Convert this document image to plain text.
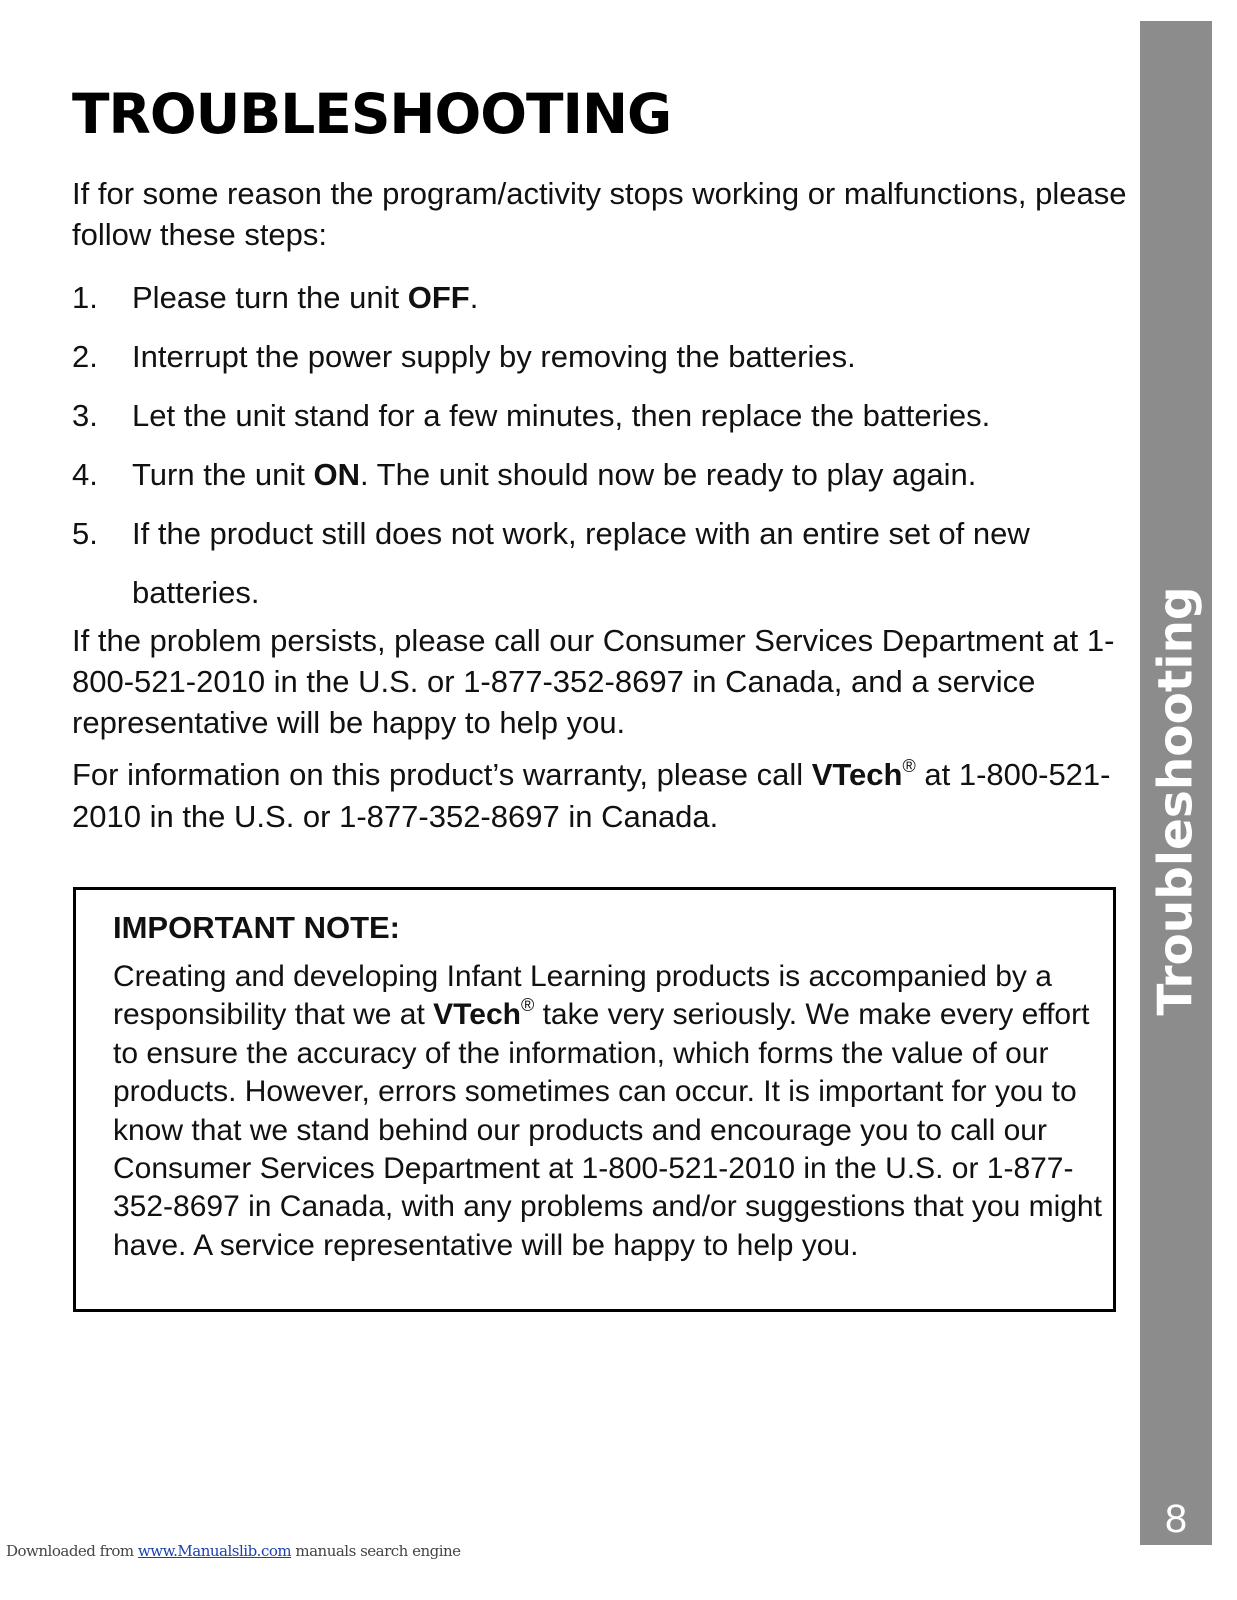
TROUBLESHOOTING

If for some reason the program/activity stops working or malfunctions, please follow these steps:

1.	Please turn the unit OFF.
2.	Interrupt the power supply by removing the batteries.
3.	Let the unit stand for a few minutes, then replace the batteries.
4.	Turn the unit ON. The unit should now be ready to play again.
5.	If the product still does not work, replace with an entire set of new
batteries.

If the problem persists, please call our Consumer Services Department at 1-800-521-2010 in the U.S. or 1-877-352-8697 in Canada, and a service representative will be happy to help you.

For information on this product’s warranty, please call VTech® at 1-800-521-2010 in the U.S. or 1-877-352-8697 in Canada.

IMPORTANT NOTE:

Creating and developing Infant Learning products is accompanied by a responsibility that we at VTech® take very seriously. We make every effort to ensure the accuracy of the information, which forms the value of our products. However, errors sometimes can occur. It is important for you to know that we stand behind our products and encourage you to call our Consumer Services Department at 1-800-521-2010 in the U.S. or 1-877-352-8697 in Canada, with any problems and/or suggestions that you might have. A service representative will be happy to help you.

Troubleshooting
8
Downloaded from www.Manualslib.com manuals search engine
